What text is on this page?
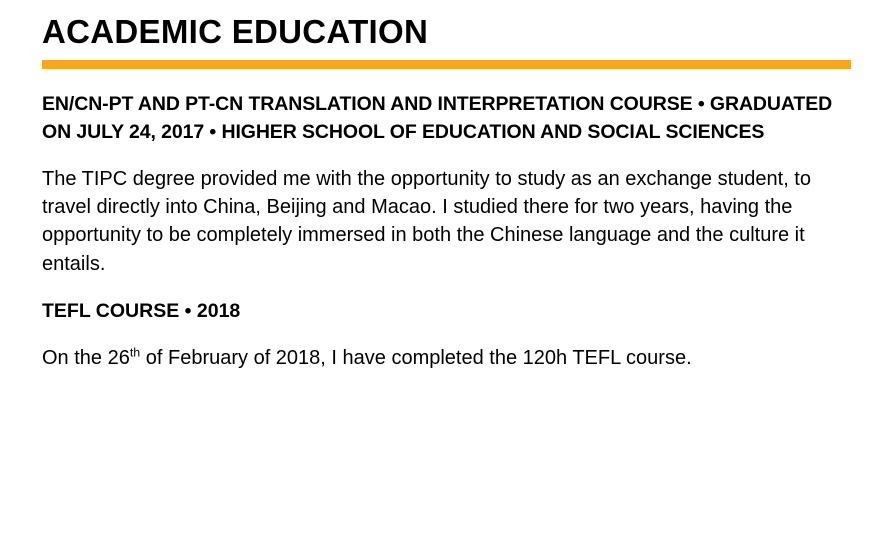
ACADEMIC EDUCATION
EN/CN-PT AND PT-CN TRANSLATION AND INTERPRETATION COURSE • GRADUATED ON JULY 24, 2017 • HIGHER SCHOOL OF EDUCATION AND SOCIAL SCIENCES

The TIPC degree provided me with the opportunity to study as an exchange student, to travel directly into China, Beijing and Macao. I studied there for two years, having the opportunity to be completely immersed in both the Chinese language and the culture it entails.

TEFL COURSE • 2018

On the 26th of February of 2018, I have completed the 120h TEFL course.
